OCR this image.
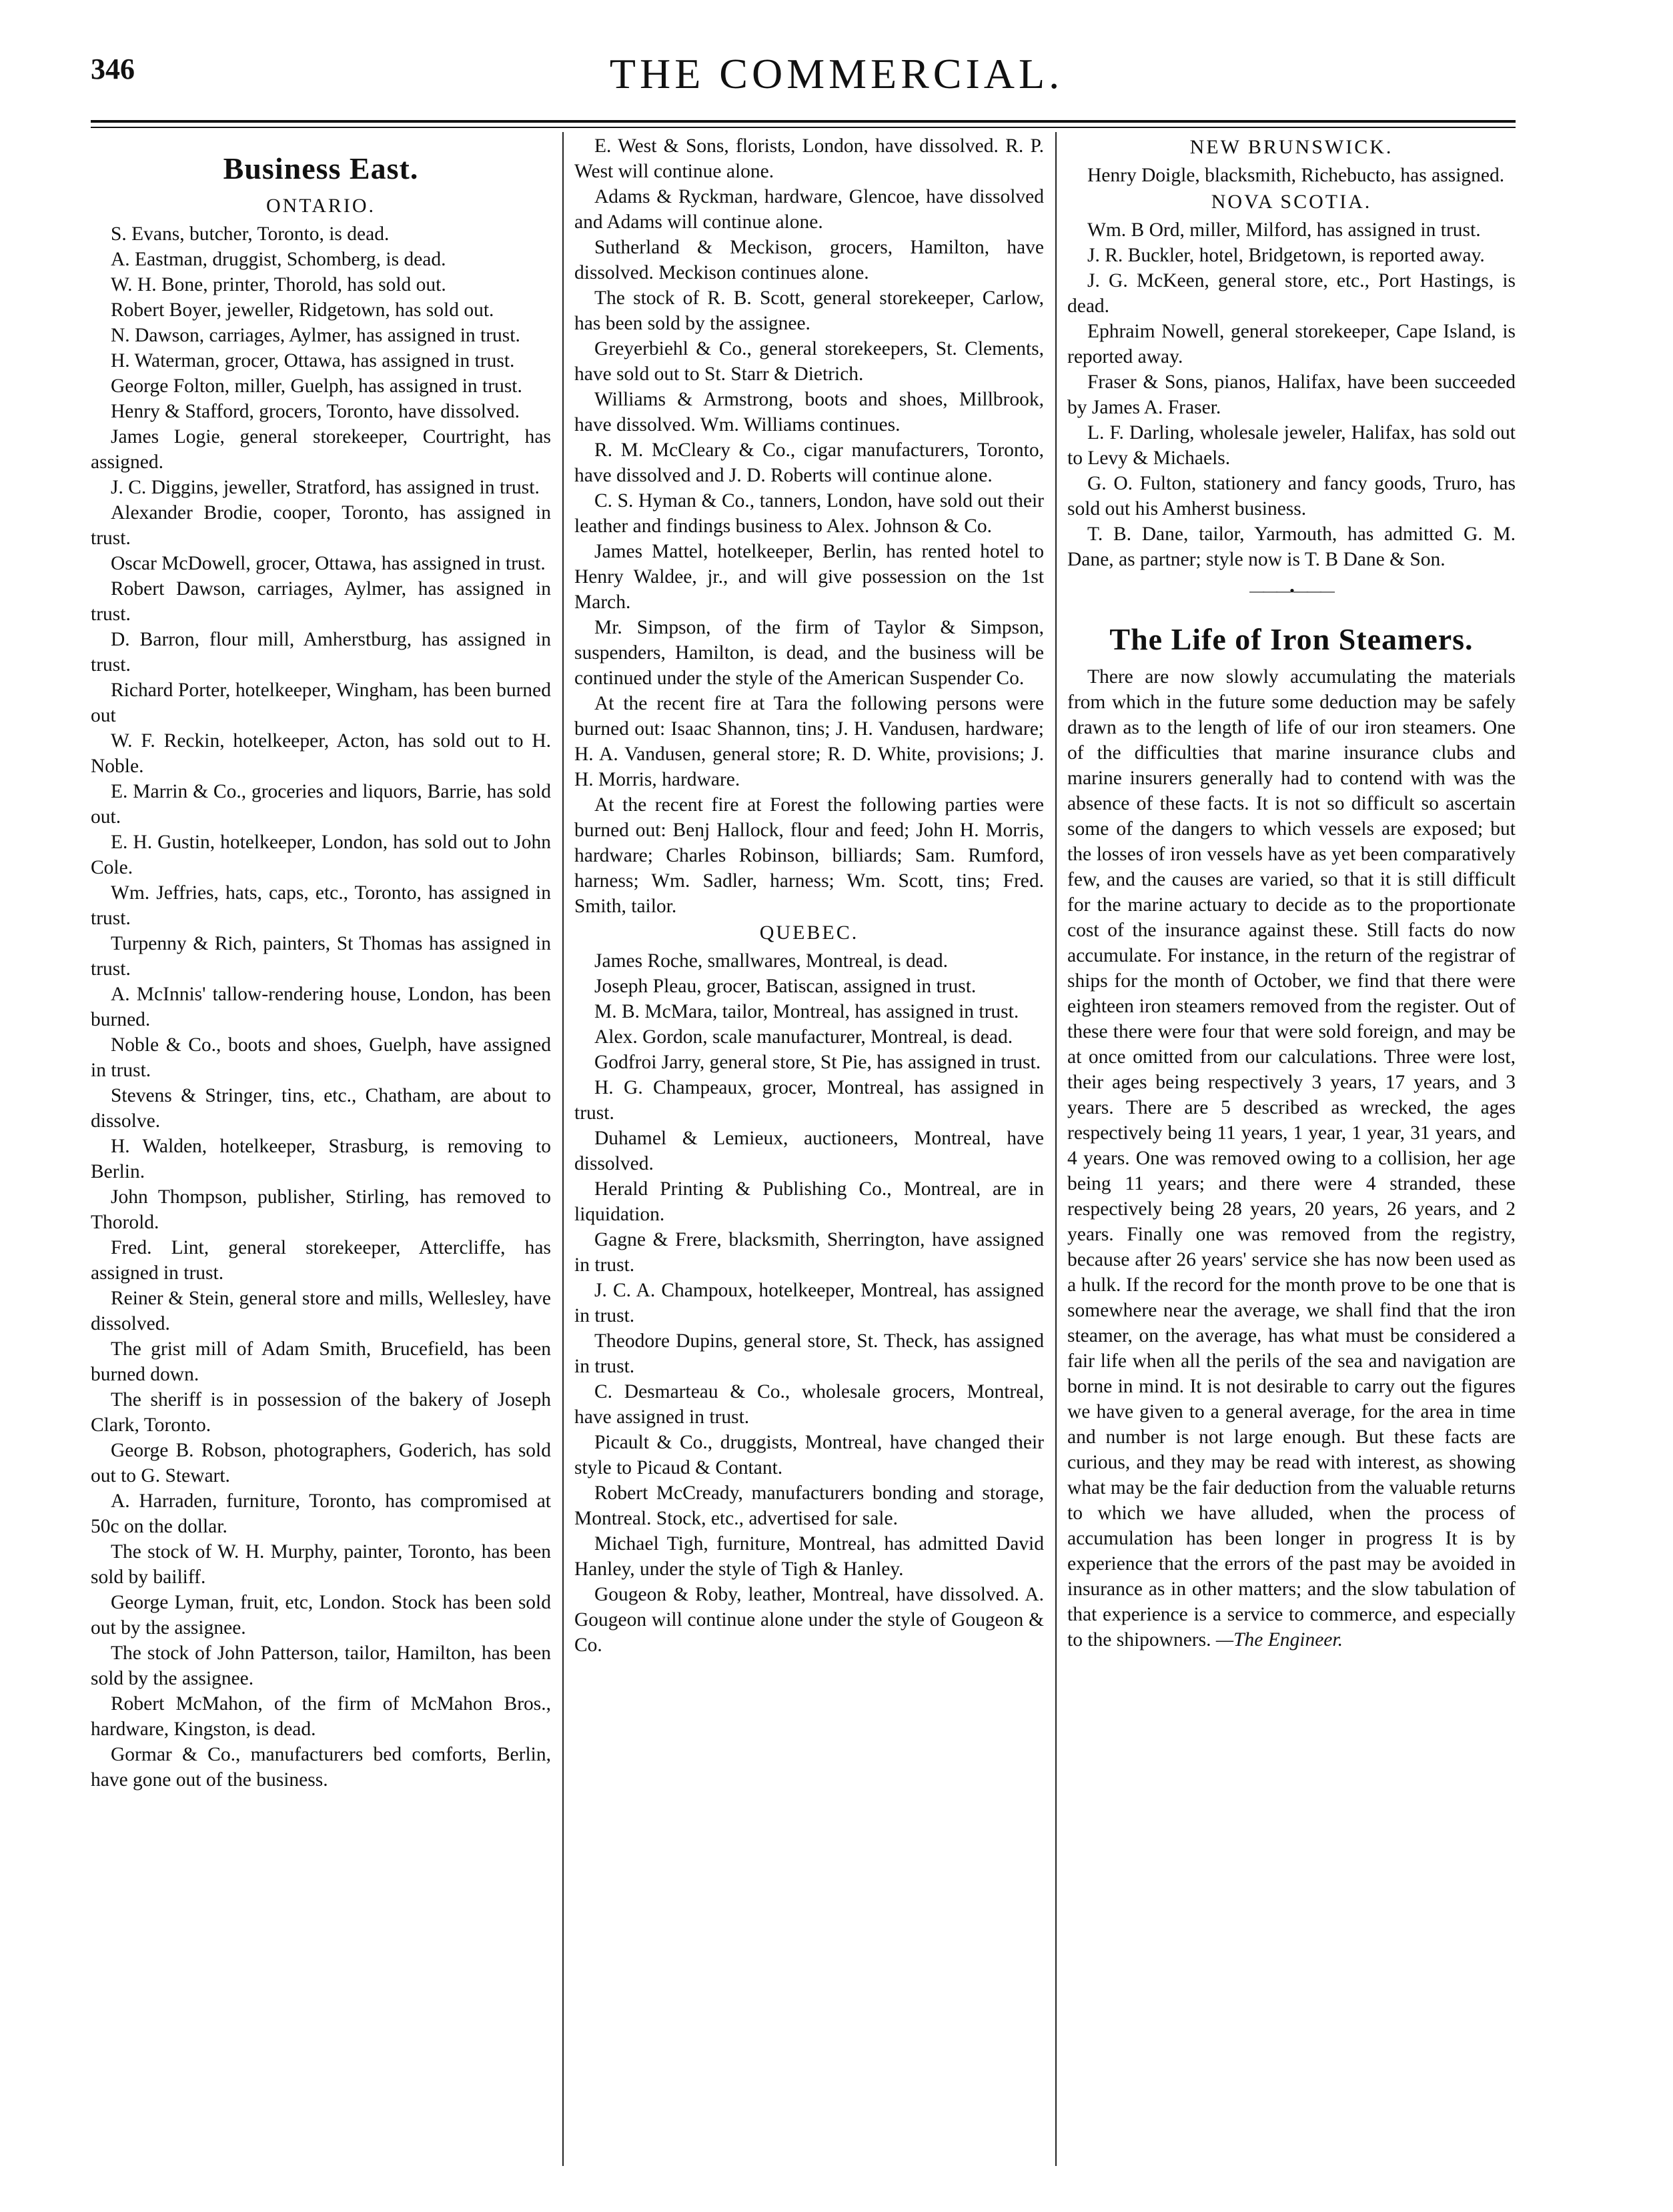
346	THE COMMERCIAL.
Business East.
ONTARIO.

S. Evans, butcher, Toronto, is dead.

A. Eastman, druggist, Schomberg, is dead.

W. H. Bone, printer, Thorold, has sold out.

Robert Boyer, jeweller, Ridgetown, has sold out.

N. Dawson, carriages, Aylmer, has assigned in trust.

H. Waterman, grocer, Ottawa, has assigned in trust.

George Folton, miller, Guelph, has assigned in trust.

Henry & Stafford, grocers, Toronto, have dissolved.

James Logie, general storekeeper, Courtright, has assigned.

J. C. Diggins, jeweller, Stratford, has assigned in trust.

Alexander Brodie, cooper, Toronto, has assigned in trust.

Oscar McDowell, grocer, Ottawa, has assigned in trust.

Robert Dawson, carriages, Aylmer, has assigned in trust.

D. Barron, flour mill, Amherstburg, has assigned in trust.

Richard Porter, hotelkeeper, Wingham, has been burned out

W. F. Reckin, hotelkeeper, Acton, has sold out to H. Noble.

E. Marrin & Co., groceries and liquors, Barrie, has sold out.

E. H. Gustin, hotelkeeper, London, has sold out to John Cole.

Wm. Jeffries, hats, caps, etc., Toronto, has assigned in trust.

Turpenny & Rich, painters, St Thomas has assigned in trust.

A. McInnis' tallow-rendering house, London, has been burned.

Noble & Co., boots and shoes, Guelph, have assigned in trust.

Stevens & Stringer, tins, etc., Chatham, are about to dissolve.

H. Walden, hotelkeeper, Strasburg, is removing to Berlin.

John Thompson, publisher, Stirling, has removed to Thorold.

Fred. Lint, general storekeeper, Attercliffe, has assigned in trust.

Reiner & Stein, general store and mills, Wellesley, have dissolved.

The grist mill of Adam Smith, Brucefield, has been burned down.

The sheriff is in possession of the bakery of Joseph Clark, Toronto.

George B. Robson, photographers, Goderich, has sold out to G. Stewart.

A. Harraden, furniture, Toronto, has compromised at 50c on the dollar.

The stock of W. H. Murphy, painter, Toronto, has been sold by bailiff.

George Lyman, fruit, etc, London. Stock has been sold out by the assignee.

The stock of John Patterson, tailor, Hamilton, has been sold by the assignee.

Robert McMahon, of the firm of McMahon Bros., hardware, Kingston, is dead.

Gormar & Co., manufacturers bed comforts, Berlin, have gone out of the business.

E. West & Sons, florists, London, have dissolved. R. P. West will continue alone.

Adams & Ryckman, hardware, Glencoe, have dissolved and Adams will continue alone.

Sutherland & Meckison, grocers, Hamilton, have dissolved. Meckison continues alone.

The stock of R. B. Scott, general storekeeper, Carlow, has been sold by the assignee.

Greyerbiehl & Co., general storekeepers, St. Clements, have sold out to St. Starr & Dietrich.

Williams & Armstrong, boots and shoes, Millbrook, have dissolved. Wm. Williams continues.

R. M. McCleary & Co., cigar manufacturers, Toronto, have dissolved and J. D. Roberts will continue alone.

C. S. Hyman & Co., tanners, London, have sold out their leather and findings business to Alex. Johnson & Co.

James Mattel, hotelkeeper, Berlin, has rented hotel to Henry Waldee, jr., and will give possession on the 1st March.

Mr. Simpson, of the firm of Taylor & Simpson, suspenders, Hamilton, is dead, and the business will be continued under the style of the American Suspender Co.

At the recent fire at Tara the following persons were burned out: Isaac Shannon, tins; J. H. Vandusen, hardware; H. A. Vandusen, general store; R. D. White, provisions; J. H. Morris, hardware.

At the recent fire at Forest the following parties were burned out: Benj Hallock, flour and feed; John H. Morris, hardware; Charles Robinson, billiards; Sam. Rumford, harness; Wm. Sadler, harness; Wm. Scott, tins; Fred. Smith, tailor.

QUEBEC.

James Roche, smallwares, Montreal, is dead.

Joseph Pleau, grocer, Batiscan, assigned in trust.

M. B. McMara, tailor, Montreal, has assigned in trust.

Alex. Gordon, scale manufacturer, Montreal, is dead.

Godfroi Jarry, general store, St Pie, has assigned in trust.

H. G. Champeaux, grocer, Montreal, has assigned in trust.

Duhamel & Lemieux, auctioneers, Montreal, have dissolved.

Herald Printing & Publishing Co., Montreal, are in liquidation.

Gagne & Frere, blacksmith, Sherrington, have assigned in trust.

J. C. A. Champoux, hotelkeeper, Montreal, has assigned in trust.

Theodore Dupins, general store, St. Theck, has assigned in trust.

C. Desmarteau & Co., wholesale grocers, Montreal, have assigned in trust.

Picault & Co., druggists, Montreal, have changed their style to Picaud & Contant.

Robert McCready, manufacturers bonding and storage, Montreal. Stock, etc., advertised for sale.

Michael Tigh, furniture, Montreal, has admitted David Hanley, under the style of Tigh & Hanley.

Gougeon & Roby, leather, Montreal, have dissolved. A. Gougeon will continue alone under the style of Gougeon & Co.

NEW BRUNSWICK.

Henry Doigle, blacksmith, Richebucto, has assigned.

NOVA SCOTIA.

Wm. B Ord, miller, Milford, has assigned in trust.

J. R. Buckler, hotel, Bridgetown, is reported away.

J. G. McKeen, general store, etc., Port Hastings, is dead.

Ephraim Nowell, general storekeeper, Cape Island, is reported away.

Fraser & Sons, pianos, Halifax, have been succeeded by James A. Fraser.

L. F. Darling, wholesale jeweler, Halifax, has sold out to Levy & Michaels.

G. O. Fulton, stationery and fancy goods, Truro, has sold out his Amherst business.

T. B. Dane, tailor, Yarmouth, has admitted G. M. Dane, as partner; style now is T. B Dane & Son.

———•———
The Life of Iron Steamers.

There are now slowly accumulating the materials from which in the future some deduction may be safely drawn as to the length of life of our iron steamers. One of the difficulties that marine insurance clubs and marine insurers generally had to contend with was the absence of these facts. It is not so difficult so ascertain some of the dangers to which vessels are exposed; but the losses of iron vessels have as yet been comparatively few, and the causes are varied, so that it is still difficult for the marine actuary to decide as to the proportionate cost of the insurance against these. Still facts do now accumulate. For instance, in the return of the registrar of ships for the month of October, we find that there were eighteen iron steamers removed from the register. Out of these there were four that were sold foreign, and may be at once omitted from our calculations. Three were lost, their ages being respectively 3 years, 17 years, and 3 years. There are 5 described as wrecked, the ages respectively being 11 years, 1 year, 1 year, 31 years, and 4 years. One was removed owing to a collision, her age being 11 years; and there were 4 stranded, these respectively being 28 years, 20 years, 26 years, and 2 years. Finally one was removed from the registry, because after 26 years' service she has now been used as a hulk. If the record for the month prove to be one that is somewhere near the average, we shall find that the iron steamer, on the average, has what must be considered a fair life when all the perils of the sea and navigation are borne in mind. It is not desirable to carry out the figures we have given to a general average, for the area in time and number is not large enough. But these facts are curious, and they may be read with interest, as showing what may be the fair deduction from the valuable returns to which we have alluded, when the process of accumulation has been longer in progress It is by experience that the errors of the past may be avoided in insurance as in other matters; and the slow tabulation of that experience is a service to commerce, and especially to the shipowners. —The Engineer.
